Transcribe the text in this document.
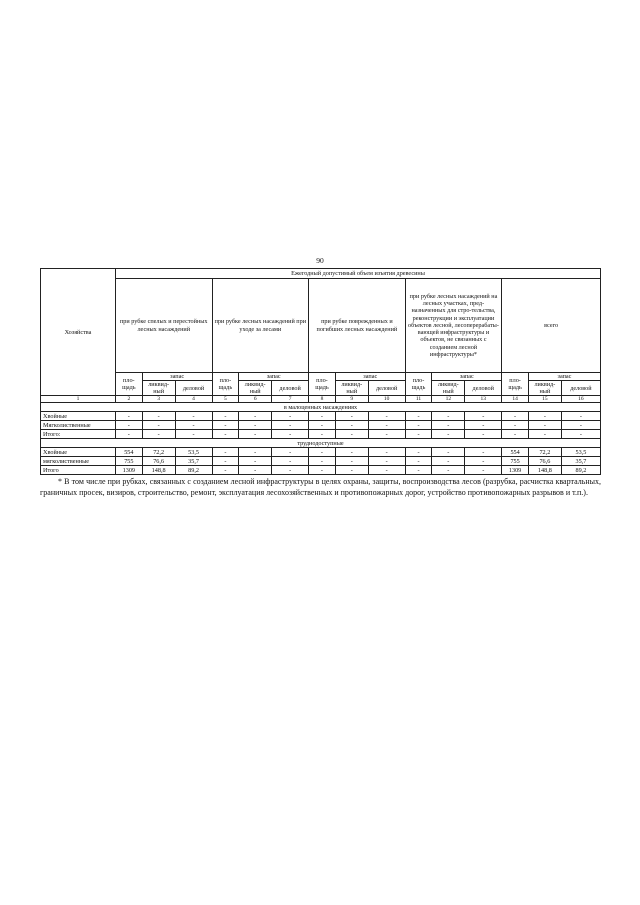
90
Хозяйства	Ежегодный допустимый объем изъятия древесины														
	при рубке спелых и перестойных лесных насаждений			при рубке лесных насаждений при уходе за лесами			при рубке поврежденных и погибших лесных насаждений			при рубке лесных насаждений на лесных участках, пред-назначенных для стро-тельства, реконструкции и эксплуатации объектов лесной, лесоперерабаты-вающей инфраструктуры и объектов, не связанных с созданием лесной инфраструктуры*			всего		
	пло-щадь	запас		пло-щадь	запас		пло-щадь	запас		пло-щадь	запас		пло-щадь	запас	
		ликвид-ный	деловой		ликвид-ный	деловой		ликвид-ный	деловой		ликвид-ный	деловой		ликвид-ный	деловой
1	2	3	4	5	6	7	8	9	10	11	12	13	14	15	16
в малоценных насаждениях															
Хвойные	-	-	-	-	-	-	-	-	-	-	-	-	-	-	-
Мягколиственные	-	-	-	-	-	-	-	-	-	-	-	-	-	-	-
Итого:	-	-	-	-	-	-	-	-	-	-	-	-	-	-	-
труднодоступные															
Хвойные	554	72,2	53,5	-	-	-	-	-	-	-	-	-	554	72,2	53,5
мягколиственные	755	76,6	35,7	-	-	-	-	-	-	-	-	-	755	76,6	35,7
Итого	1309	148,8	89,2	-	-	-	-	-	-	-	-	-	1309	148,8	89,2
* В том числе при рубках, связанных с созданием лесной инфраструктуры в целях охраны, защиты, воспроизводства лесов (разрубка, расчистка квартальных, граничных просек, визиров, строительство, ремонт, эксплуатация лесохозяйственных и противопожарных дорог, устройство противопожарных разрывов и т.п.).
